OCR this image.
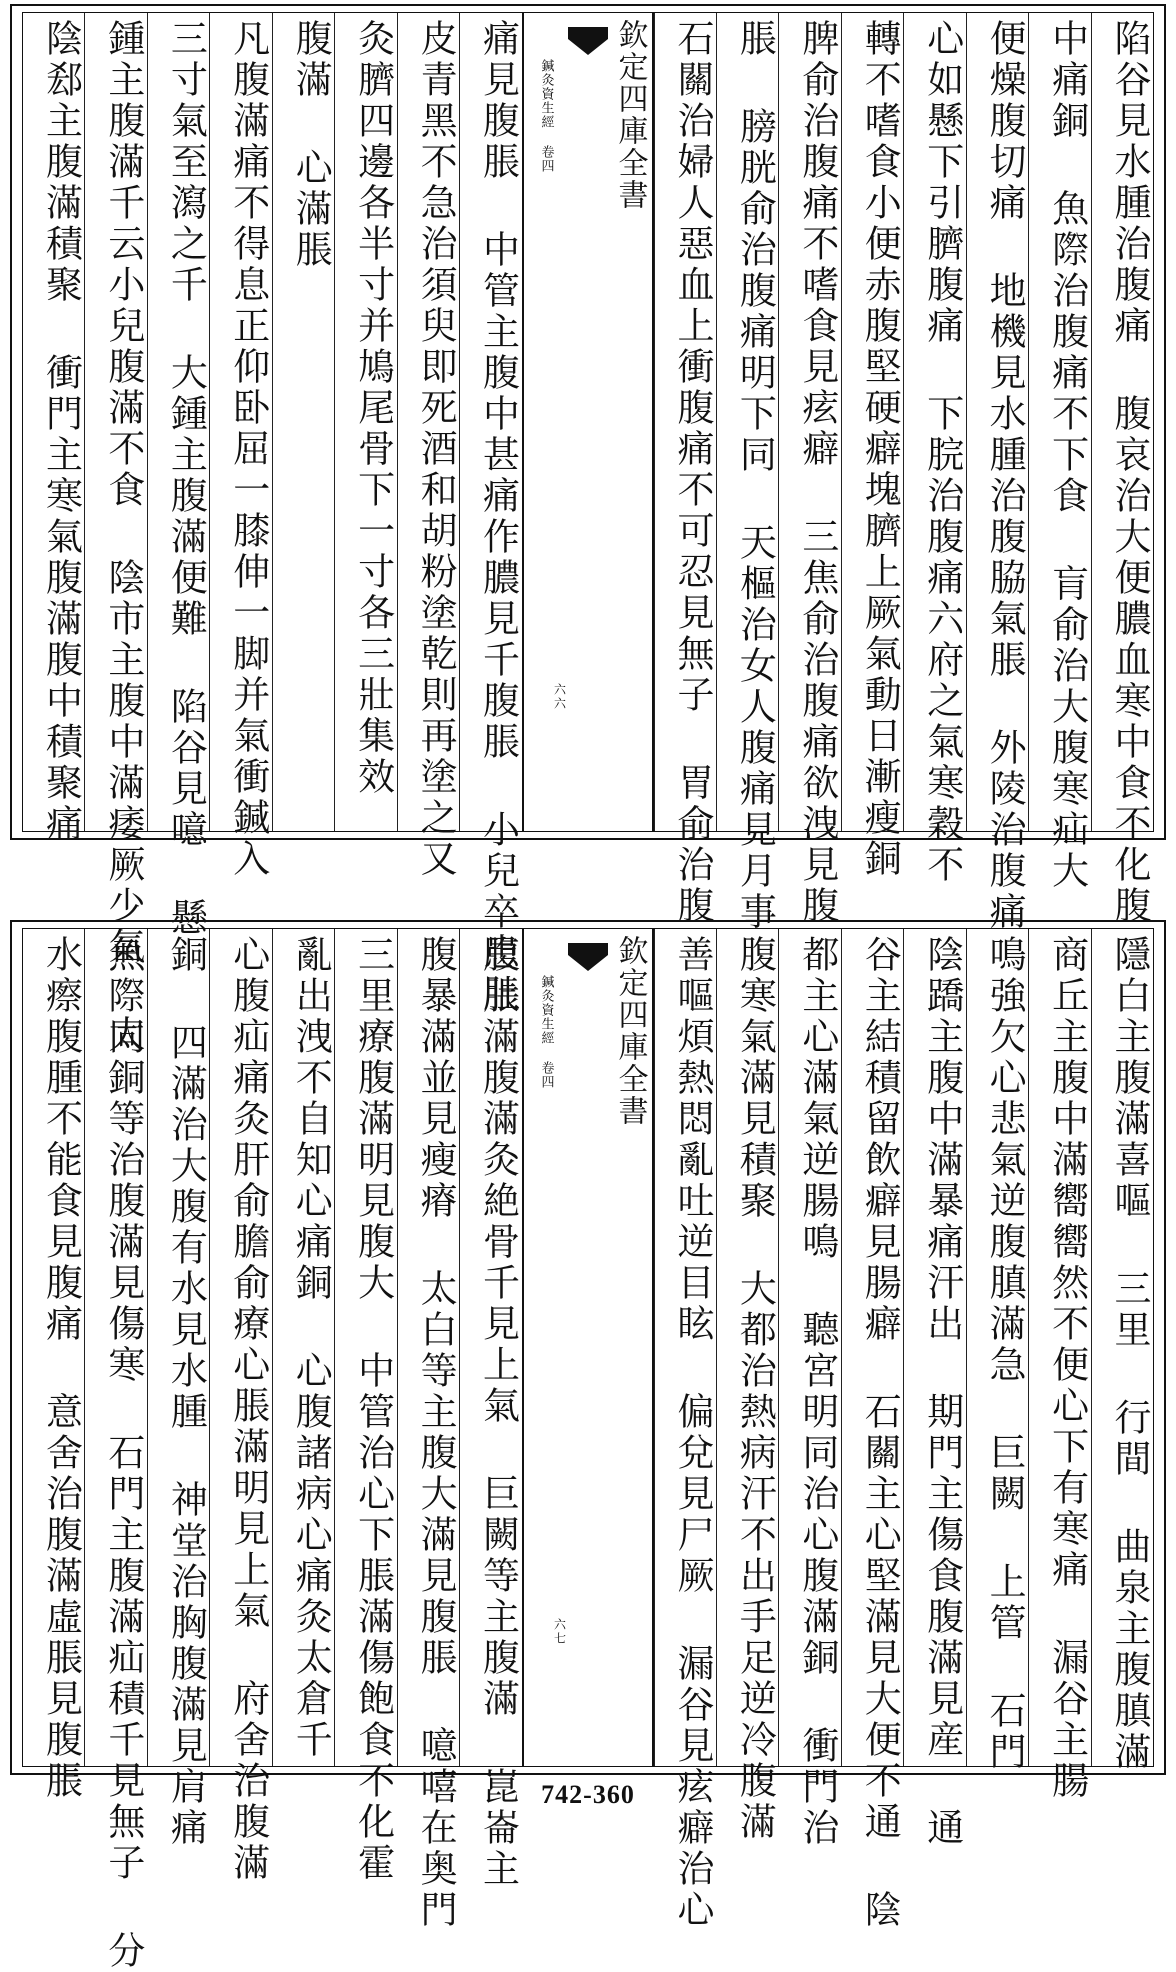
陷谷見水腫治腹痛 腹哀治大便膿血寒中食不化腹
中痛銅 魚際治腹痛不下食 肓俞治大腹寒疝大
便燥腹切痛 地機見水腫治腹脇氣脹 外陵治腹痛
心如懸下引臍腹痛 下脘治腹痛六府之氣寒穀不
轉不嗜食小便赤腹堅硬癖塊臍上厥氣動日漸瘦銅
脾俞治腹痛不嗜食見痃癖 三焦俞治腹痛欲洩見腹
脹 膀胱俞治腹痛明下同 天樞治女人腹痛見月事
石關治婦人惡血上衝腹痛不可忍見無子 胃俞治腹
欽定四庫全書
鍼灸資生經 卷四
六六
痛見腹脹 中管主腹中甚痛作膿見千腹脹 小兒卒患肚
皮青黑不急治須臾即死酒和胡粉塗乾則再塗之又
灸臍四邊各半寸并鳩尾骨下一寸各三壯集效
腹滿 心滿脹
凡腹滿痛不得息正仰卧屈一膝伸一脚并氣衝鍼入
三寸氣至瀉之千 大鍾主腹滿便難 陷谷見噫 懸
鍾主腹滿千云小兒腹滿不食 陰市主腹中滿痿厥少氣 太
陰郄主腹滿積聚 衝門主寒氣腹滿腹中積聚痛
隱白主腹滿喜嘔 三里 行間 曲泉主腹䐜滿
商丘主腹中滿嚮嚮然不便心下有寒痛 漏谷主腸
鳴強欠心悲氣逆腹䐜滿急 巨闕 上管 石門
陰蹻主腹中滿暴痛汗出 期門主傷食腹滿見産 通
谷主結積留飲癖見腸癖 石關主心堅滿見大便不通 陰
都主心滿氣逆腸鳴 聽宮明同治心腹滿銅 衝門治
腹寒氣滿見積聚 大都治熱病汗不出手足逆冷腹滿
善嘔煩熱悶亂吐逆目眩 偏兌見尸厥 漏谷見痃癖治心
欽定四庫全書
鍼灸資生經 卷四
六七
腹脹滿腹滿灸絶骨千見上氣 巨闕等主腹滿 崑崙主
腹暴滿並見瘦瘠 太白等主腹大滿見腹脹 噫嘻在奥門
三里療腹滿明見腹大 中管治心下脹滿傷飽食不化霍
亂出洩不自知心痛銅 心腹諸病心痛灸太倉千
心腹疝痛灸肝俞膽俞療心脹滿明見上氣 府舍治腹滿
銅 四滿治大腹有水見水腫 神堂治胸腹滿見肩痛
魚際同銅等治腹滿見傷寒 石門主腹滿疝積千見無子 分
水瘵腹腫不能食見腹痛 意舍治腹滿虛脹見腹脹	742-360
